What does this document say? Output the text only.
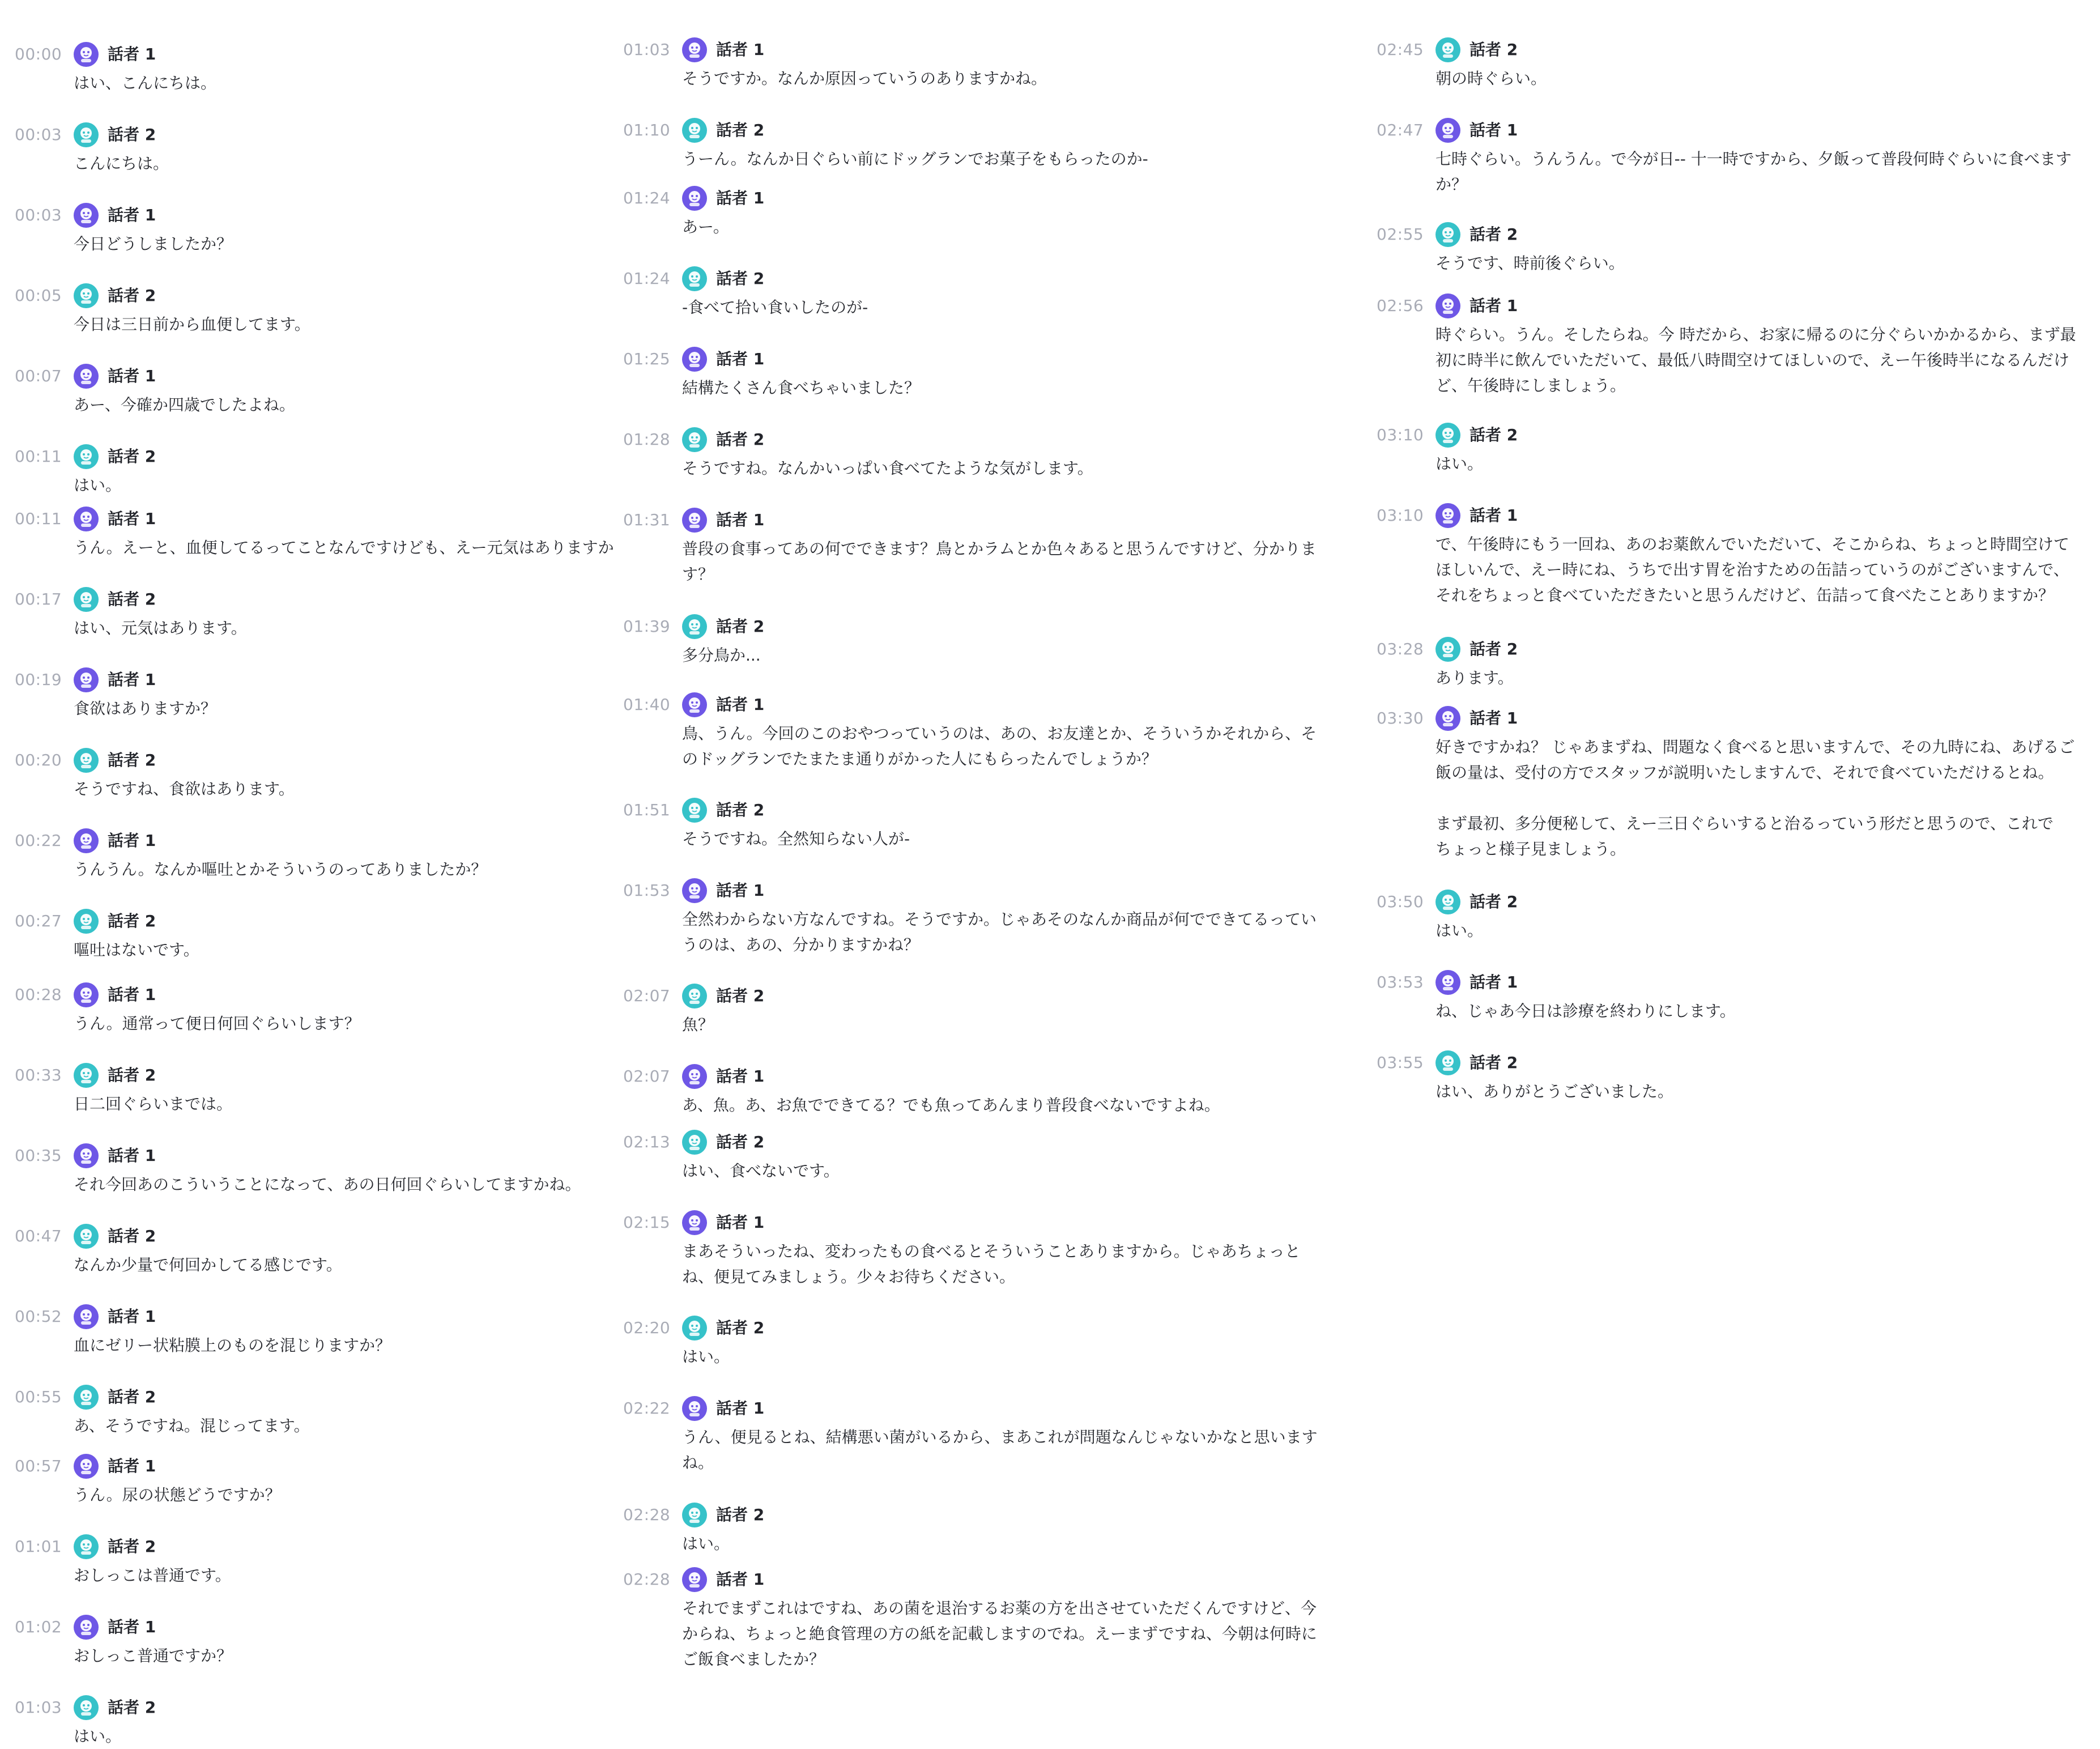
00:00	話者 1
はい、こんにちは。
00:03	話者 2
こんにちは。
00:03	話者 1
今日どうしましたか？
00:05	話者 2
今日は三日前から血便してます。
00:07	話者 1
あー、今確か四歳でしたよね。
00:11	話者 2
はい。
00:11	話者 1
うん。えーと、血便してるってことなんですけども、えー元気はありますか
00:17	話者 2
はい、元気はあります。
00:19	話者 1
食欲はありますか？
00:20	話者 2
そうですね、食欲はあります。
00:22	話者 1
うんうん。なんか嘔吐とかそういうのってありましたか？
00:27	話者 2
嘔吐はないです。
00:28	話者 1
うん。通常って便日何回ぐらいします？
00:33	話者 2
日二回ぐらいまでは。
00:35	話者 1
それ今回あのこういうことになって、あの日何回ぐらいしてますかね。
00:47	話者 2
なんか少量で何回かしてる感じです。
00:52	話者 1
血にゼリー状粘膜上のものを混じりますか？
00:55	話者 2
あ、そうですね。混じってます。
00:57	話者 1
うん。尿の状態どうですか？
01:01	話者 2
おしっこは普通です。
01:02	話者 1
おしっこ普通ですか？
01:03	話者 2
はい。
01:03	話者 1
そうですか。なんか原因っていうのありますかね。
01:10	話者 2
うーん。なんか日ぐらい前にドッグランでお菓子をもらったのか-
01:24	話者 1
あー。
01:24	話者 2
-食べて拾い食いしたのが-
01:25	話者 1
結構たくさん食べちゃいました？
01:28	話者 2
そうですね。なんかいっぱい食べてたような気がします。
01:31	話者 1
普段の食事ってあの何でできます？鳥とかラムとか色々あると思うんですけど、分かりま
す？
01:39	話者 2
多分鳥か...
01:40	話者 1
鳥、うん。今回のこのおやつっていうのは、あの、お友達とか、そういうかそれから、そ
のドッグランでたまたま通りがかった人にもらったんでしょうか？
01:51	話者 2
そうですね。全然知らない人が-
01:53	話者 1
全然わからない方なんですね。そうですか。じゃあそのなんか商品が何でできてるってい
うのは、あの、分かりますかね？
02:07	話者 2
魚？
02:07	話者 1
あ、魚。あ、お魚でできてる？でも魚ってあんまり普段食べないですよね。
02:13	話者 2
はい、食べないです。
02:15	話者 1
まあそういったね、変わったもの食べるとそういうことありますから。じゃあちょっと
ね、便見てみましょう。少々お待ちください。
02:20	話者 2
はい。
02:22	話者 1
うん、便見るとね、結構悪い菌がいるから、まあこれが問題なんじゃないかなと思います
ね。
02:28	話者 2
はい。
02:28	話者 1
それでまずこれはですね、あの菌を退治するお薬の方を出させていただくんですけど、今
からね、ちょっと絶食管理の方の紙を記載しますのでね。えーまずですね、今朝は何時に
ご飯食べましたか？
02:45	話者 2
朝の時ぐらい。
02:47	話者 1
七時ぐらい。うんうん。で今が日-- 十一時ですから、夕飯って普段何時ぐらいに食べます
か？
02:55	話者 2
そうです、時前後ぐらい。
02:56	話者 1
時ぐらい。うん。そしたらね。今 時だから、お家に帰るのに分ぐらいかかるから、まず最
初に時半に飲んでいただいて、最低八時間空けてほしいので、えー午後時半になるんだけ
ど、午後時にしましょう。
03:10	話者 2
はい。
03:10	話者 1
で、午後時にもう一回ね、あのお薬飲んでいただいて、そこからね、ちょっと時間空けて
ほしいんで、えー時にね、うちで出す胃を治すための缶詰っていうのがございますんで、
それをちょっと食べていただきたいと思うんだけど、缶詰って食べたことありますか？
03:28	話者 2
あります。
03:30	話者 1
好きですかね？ じゃあまずね、問題なく食べると思いますんで、その九時にね、あげるご
飯の量は、受付の方でスタッフが説明いたしますんで、それで食べていただけるとね。

まず最初、多分便秘して、えー三日ぐらいすると治るっていう形だと思うので、これで
ちょっと様子見ましょう。
03:50	話者 2
はい。
03:53	話者 1
ね、じゃあ今日は診療を終わりにします。
03:55	話者 2
はい、ありがとうございました。
